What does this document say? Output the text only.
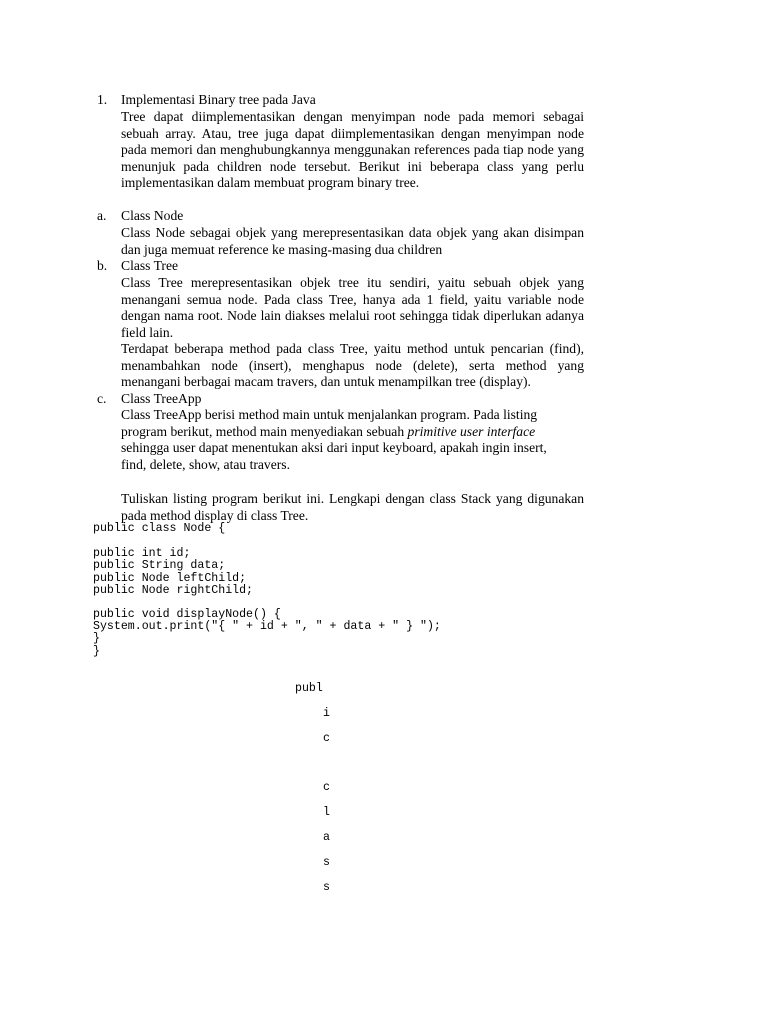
1. Implementasi Binary tree pada Java
Tree dapat diimplementasikan dengan menyimpan node pada memori sebagai sebuah array. Atau, tree juga dapat diimplementasikan dengan menyimpan node pada memori dan menghubungkannya menggunakan references pada tiap node yang menunjuk pada children node tersebut. Berikut ini beberapa class yang perlu implementasikan dalam membuat program binary tree.
a.	Class Node
Class Node sebagai objek yang merepresentasikan data objek yang akan disimpan dan juga memuat reference ke masing-masing dua children
b.	Class Tree
Class Tree merepresentasikan objek tree itu sendiri, yaitu sebuah objek yang menangani semua node. Pada class Tree, hanya ada 1 field, yaitu variable node dengan nama root. Node lain diakses melalui root sehingga tidak diperlukan adanya field lain.
Terdapat beberapa method pada class Tree, yaitu method untuk pencarian (find), menambahkan node (insert), menghapus node (delete), serta method yang menangani berbagai macam travers, dan untuk menampilkan tree (display).
c.	Class TreeApp
Class TreeApp berisi method main untuk menjalankan program. Pada listing program berikut, method main menyediakan sebuah primitive user interface sehingga user dapat menentukan aksi dari input keyboard, apakah ingin insert, find, delete, show, atau travers.
Tuliskan listing program berikut ini. Lengkapi dengan class Stack yang digunakan pada method display di class Tree.
public class Node {
public int id;
public String data;
public Node leftChild;
public Node rightChild;
public void displayNode() {
System.out.print("{ " + id + ", " + data + " } ");
}
}
publ
i
c
c
l
a
s
s
